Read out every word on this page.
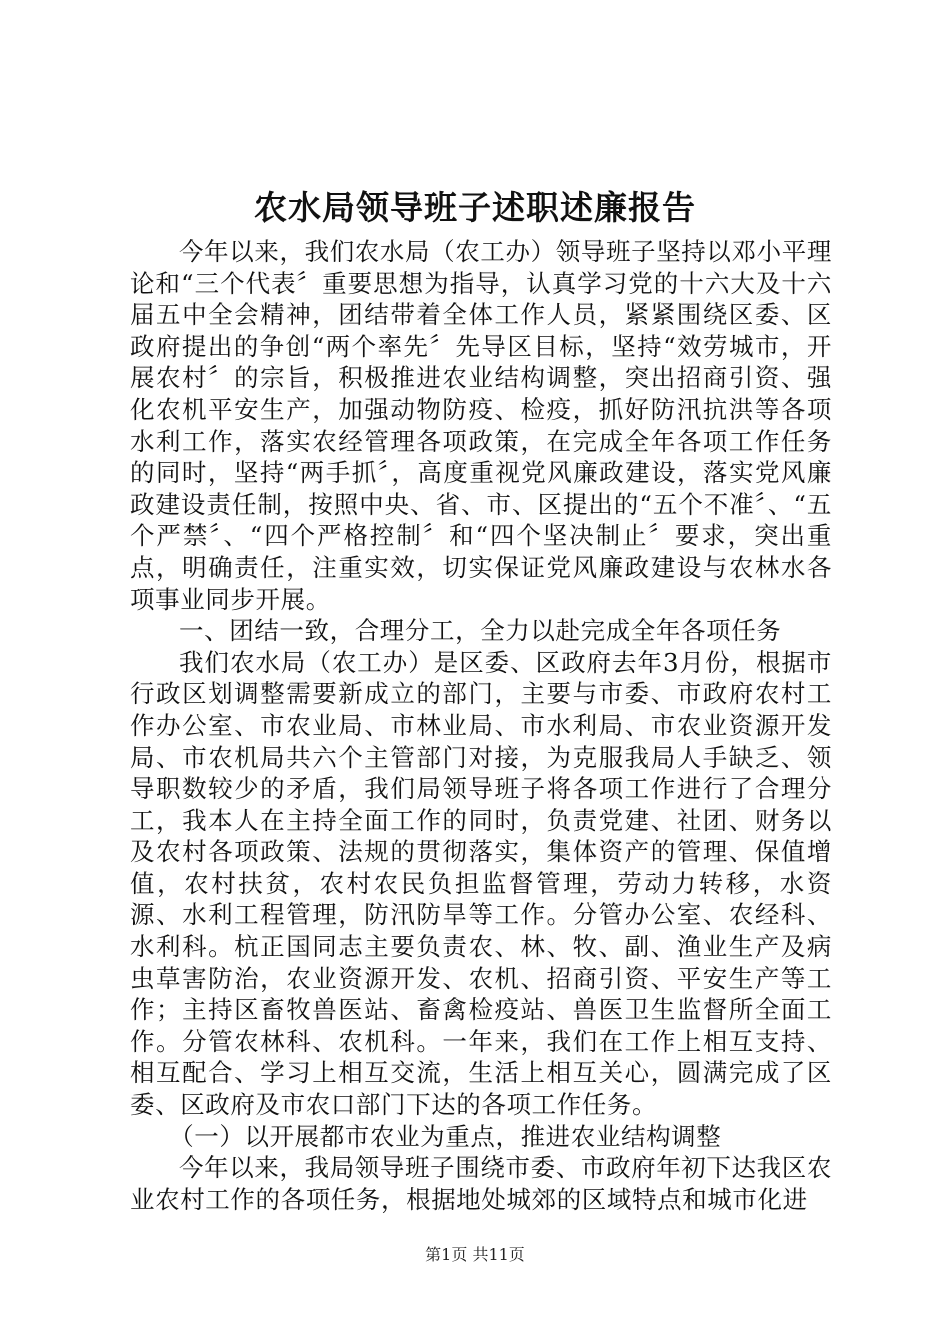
农水局领导班子述职述廉报告

今年以来，我们农水局（农工办）领导班子坚持以邓小平理论和“三个代表〞重要思想为指导，认真学习党的十六大及十六届五中全会精神，团结带着全体工作人员，紧紧围绕区委、区政府提出的争创“两个率先〞先导区目标，坚持“效劳城市，开展农村〞的宗旨，积极推进农业结构调整，突出招商引资、强化农机平安生产，加强动物防疫、检疫，抓好防汛抗洪等各项水利工作，落实农经管理各项政策，在完成全年各项工作任务的同时，坚持“两手抓〞，高度重视党风廉政建设，落实党风廉政建设责任制，按照中央、省、市、区提出的“五个不准〞、“五个严禁〞、“四个严格控制〞和“四个坚决制止〞要求，突出重点，明确责任，注重实效，切实保证党风廉政建设与农林水各项事业同步开展。

一、团结一致，合理分工，全力以赴完成全年各项任务

我们农水局（农工办）是区委、区政府去年3月份，根据市行政区划调整需要新成立的部门，主要与市委、市政府农村工作办公室、市农业局、市林业局、市水利局、市农业资源开发局、市农机局共六个主管部门对接，为克服我局人手缺乏、领导职数较少的矛盾，我们局领导班子将各项工作进行了合理分工，我本人在主持全面工作的同时，负责党建、社团、财务以及农村各项政策、法规的贯彻落实，集体资产的管理、保值增值，农村扶贫，农村农民负担监督管理，劳动力转移，水资源、水利工程管理，防汛防旱等工作。分管办公室、农经科、水利科。杭正国同志主要负责农、林、牧、副、渔业生产及病虫草害防治，农业资源开发、农机、招商引资、平安生产等工作；主持区畜牧兽医站、畜禽检疫站、兽医卫生监督所全面工作。分管农林科、农机科。一年来，我们在工作上相互支持、相互配合、学习上相互交流，生活上相互关心，圆满完成了区委、区政府及市农口部门下达的各项工作任务。

（一）以开展都市农业为重点，推进农业结构调整

今年以来，我局领导班子围绕市委、市政府年初下达我区农业农村工作的各项任务，根据地处城郊的区域特点和城市化进

第1页 共11页
